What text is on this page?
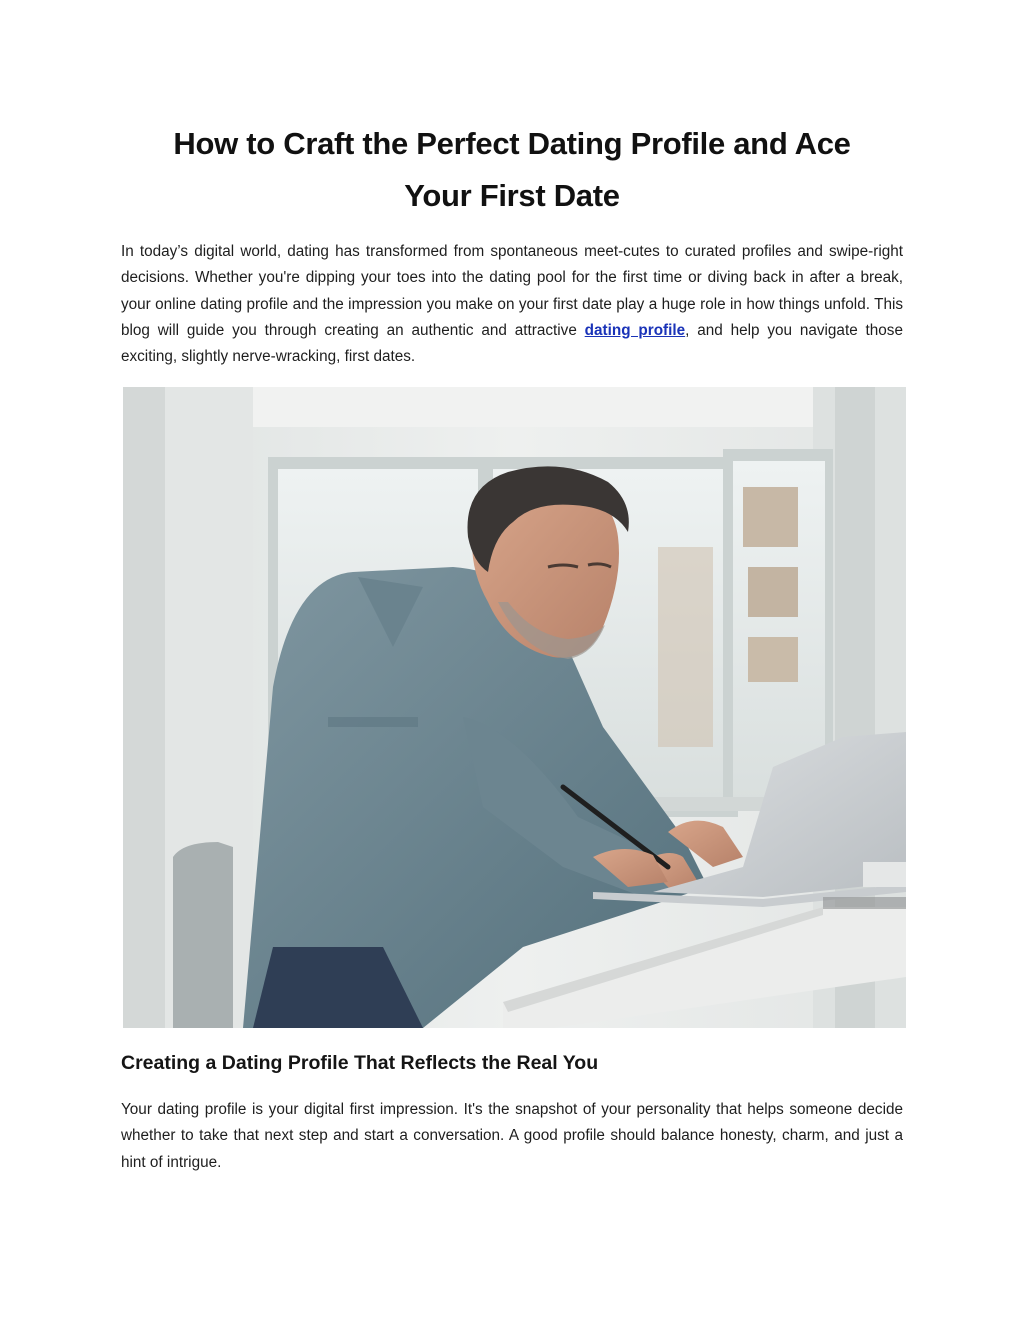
How to Craft the Perfect Dating Profile and Ace
Your First Date

In today’s digital world, dating has transformed from spontaneous meet-cutes to curated profiles and swipe-right decisions. Whether you're dipping your toes into the dating pool for the first time or diving back in after a break, your online dating profile and the impression you make on your first date play a huge role in how things unfold. This blog will guide you through creating an authentic and attractive dating profile, and help you navigate those exciting, slightly nerve-wracking, first dates.

Creating a Dating Profile That Reflects the Real You

Your dating profile is your digital first impression. It's the snapshot of your personality that helps someone decide whether to take that next step and start a conversation. A good profile should balance honesty, charm, and just a hint of intrigue.
